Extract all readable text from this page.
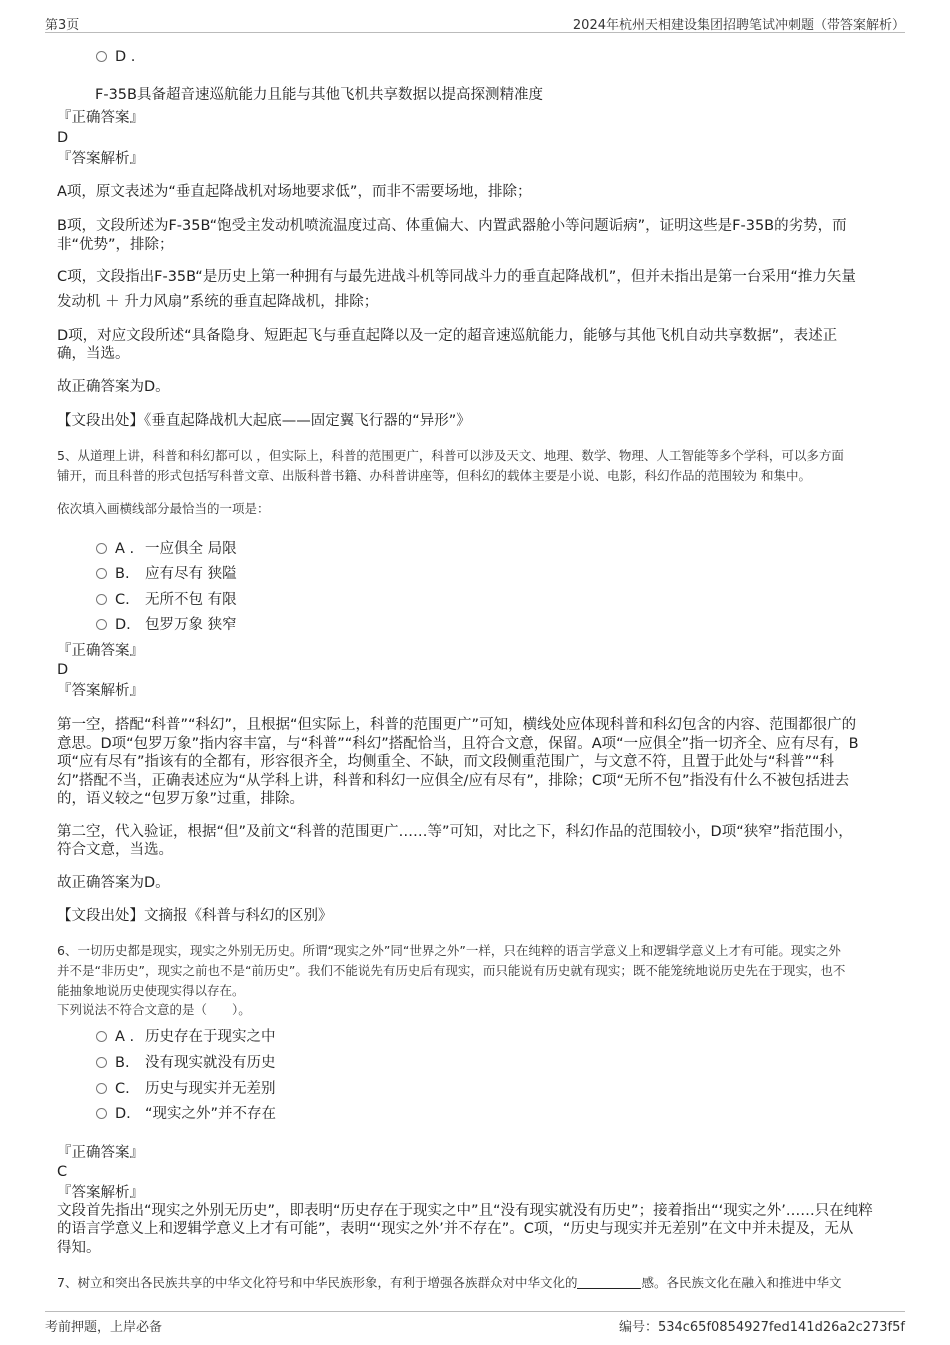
第3页	2024年杭州天相建设集团招聘笔试冲刺题（带答案解析）
D .
F-35B具备超音速巡航能力且能与其他飞机共享数据以提高探测精准度
『正确答案』
D
『答案解析』
A项，原文表述为“垂直起降战机对场地要求低”，而非不需要场地，排除；
B项，文段所述为F-35B“饱受主发动机喷流温度过高、体重偏大、内置武器舱小等问题诟病”，证明这些是F-35B的劣势，而
非“优势”，排除；
C项，文段指出F-35B“是历史上第一种拥有与最先进战斗机等同战斗力的垂直起降战机”，但并未指出是第一台采用“推力矢量
发动机 ＋ 升力风扇”系统的垂直起降战机，排除；
D项，对应文段所述“具备隐身、短距起飞与垂直起降以及一定的超音速巡航能力，能够与其他飞机自动共享数据”，表述正
确，当选。
故正确答案为D。
【文段出处】《垂直起降战机大起底——固定翼飞行器的“异形”》
5、从道理上讲，科普和科幻都可以 ，但实际上，科普的范围更广，科普可以涉及天文、地理、数学、物理、人工智能等多个学科，可以多方面
铺开，而且科普的形式包括写科普文章、出版科普书籍、办科普讲座等，但科幻的载体主要是小说、电影，科幻作品的范围较为 和集中。
依次填入画横线部分最恰当的一项是：
A . 一应俱全 局限
B. 应有尽有 狭隘
C. 无所不包 有限
D. 包罗万象 狭窄
『正确答案』
D
『答案解析』
第一空，搭配“科普”“科幻”，且根据“但实际上，科普的范围更广”可知，横线处应体现科普和科幻包含的内容、范围都很广的
意思。D项“包罗万象”指内容丰富，与“科普”“科幻”搭配恰当，且符合文意，保留。A项“一应俱全”指一切齐全、应有尽有，B
项“应有尽有”指该有的全都有，形容很齐全，均侧重全、不缺，而文段侧重范围广，与文意不符，且置于此处与“科普”“科
幻”搭配不当，正确表述应为“从学科上讲，科普和科幻一应俱全/应有尽有”，排除；C项“无所不包”指没有什么不被包括进去
的，语义较之“包罗万象”过重，排除。
第二空，代入验证，根据“但”及前文“科普的范围更广……等”可知，对比之下，科幻作品的范围较小，D项“狭窄”指范围小，
符合文意，当选。
故正确答案为D。
【文段出处】文摘报《科普与科幻的区别》
6、一切历史都是现实，现实之外别无历史。所谓“现实之外”同“世界之外”一样，只在纯粹的语言学意义上和逻辑学意义上才有可能。现实之外
并不是“非历史”，现实之前也不是“前历史”。我们不能说先有历史后有现实，而只能说有历史就有现实；既不能笼统地说历史先在于现实，也不
能抽象地说历史使现实得以存在。
下列说法不符合文意的是（　　）。
A . 历史存在于现实之中
B. 没有现实就没有历史
C. 历史与现实并无差别
D. “现实之外”并不存在
『正确答案』
C
『答案解析』
文段首先指出“现实之外别无历史”，即表明“历史存在于现实之中”且“没有现实就没有历史”；接着指出“‘现实之外’……只在纯粹
的语言学意义上和逻辑学意义上才有可能”，表明“‘现实之外’并不存在”。C项，“历史与现实并无差别”在文中并未提及，无从
得知。
7、树立和突出各民族共享的中华文化符号和中华民族形象，有利于增强各族群众对中华文化的	感。各民族文化在融入和推进中华文
考前押题，上岸必备	编号：534c65f0854927fed141d26a2c273f5f
